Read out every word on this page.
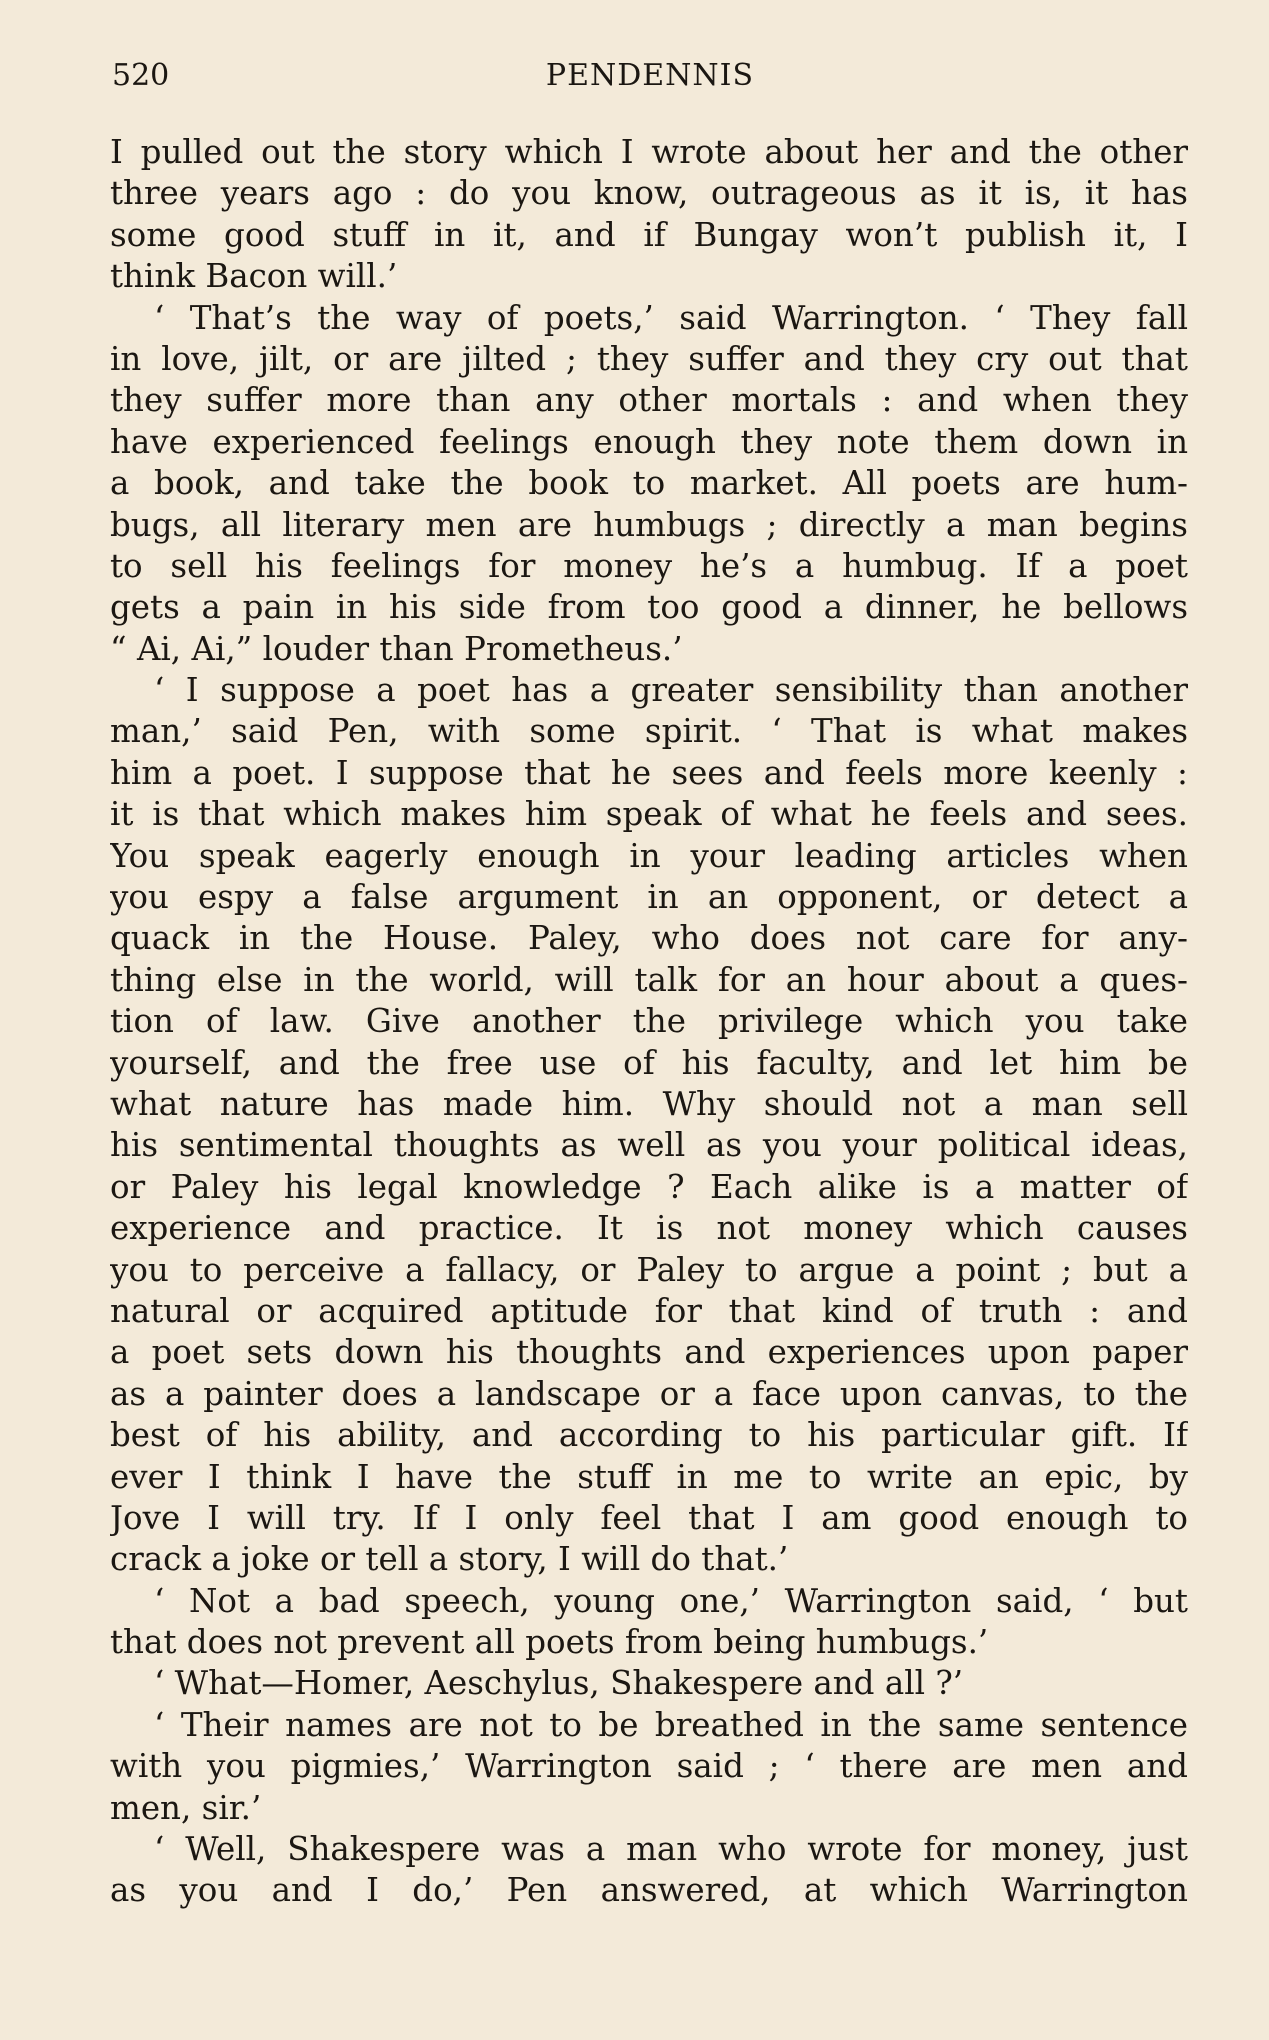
520	PENDENNIS
I pulled out the story which I wrote about her and the other
three years ago : do you know, outrageous as it is, it has
some good stuff in it, and if Bungay won’t publish it, I
think Bacon will.’
‘ That’s the way of poets,’ said Warrington. ‘ They fall
in love, jilt, or are jilted ; they suffer and they cry out that
they suffer more than any other mortals : and when they
have experienced feelings enough they note them down in
a book, and take the book to market. All poets are hum-
bugs, all literary men are humbugs ; directly a man begins
to sell his feelings for money he’s a humbug. If a poet
gets a pain in his side from too good a dinner, he bellows
“ Ai, Ai,” louder than Prometheus.’
‘ I suppose a poet has a greater sensibility than another
man,’ said Pen, with some spirit. ‘ That is what makes
him a poet. I suppose that he sees and feels more keenly :
it is that which makes him speak of what he feels and sees.
You speak eagerly enough in your leading articles when
you espy a false argument in an opponent, or detect a
quack in the House. Paley, who does not care for any-
thing else in the world, will talk for an hour about a ques-
tion of law. Give another the privilege which you take
yourself, and the free use of his faculty, and let him be
what nature has made him. Why should not a man sell
his sentimental thoughts as well as you your political ideas,
or Paley his legal knowledge ? Each alike is a matter of
experience and practice. It is not money which causes
you to perceive a fallacy, or Paley to argue a point ; but a
natural or acquired aptitude for that kind of truth : and
a poet sets down his thoughts and experiences upon paper
as a painter does a landscape or a face upon canvas, to the
best of his ability, and according to his particular gift. If
ever I think I have the stuff in me to write an epic, by
Jove I will try. If I only feel that I am good enough to
crack a joke or tell a story, I will do that.’
‘ Not a bad speech, young one,’ Warrington said, ‘ but
that does not prevent all poets from being humbugs.’
‘ What—Homer, Aeschylus, Shakespere and all ?’
‘ Their names are not to be breathed in the same sentence
with you pigmies,’ Warrington said ; ‘ there are men and
men, sir.’
‘ Well, Shakespere was a man who wrote for money, just
as you and I do,’ Pen answered, at which Warrington
